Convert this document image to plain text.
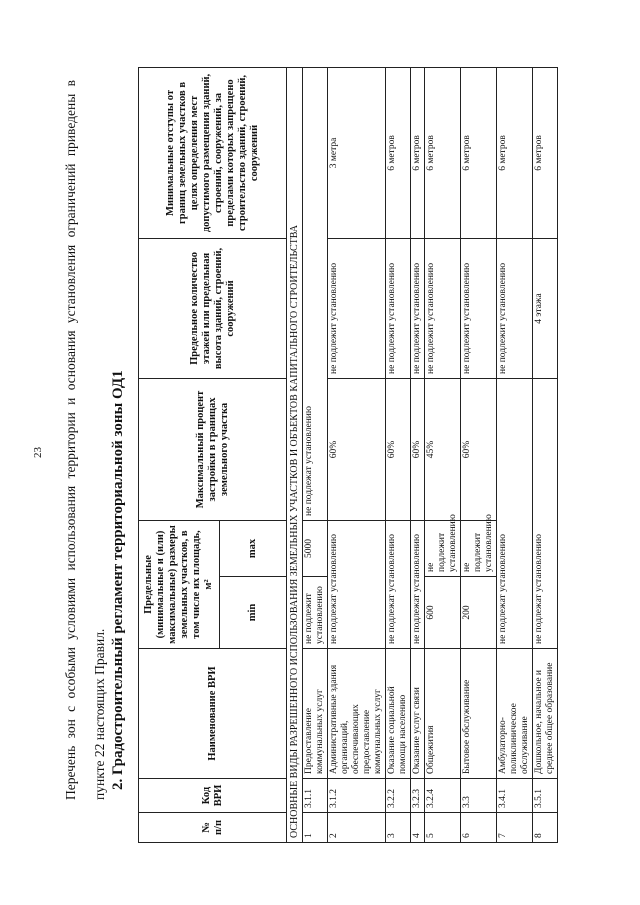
23	Перечень зон с особыми условиями использования территории и основания установления ограничений приведены в	пункте 22 настоящих Правил. 2. Градостроительный регламент территориальной зоны ОД1
№ п/п	Код ВРИ	Наименование ВРИ	Предельные (минимальные и (или) максимальные) размеры земельных участков, в том числе их площадь, м²		Максимальный процент застройки в границах земельного участка	Предельное количество этажей или предельная высота зданий, строений, сооружений	Минимальные отступы от границ земельных участков в целях определения мест допустимого размещения зданий, строений, сооружений, за пределами которых запрещено строительство зданий, строений, сооружений
			min	max			
ОСНОВНЫЕ ВИДЫ РАЗРЕШЕННОГО ИСПОЛЬЗОВАНИЯ ЗЕМЕЛЬНЫХ УЧАСТКОВ И ОБЪЕКТОВ КАПИТАЛЬНОГО СТРОИТЕЛЬСТВА							
1	3.1.1	Предоставление коммунальных услуг	не подлежит установлению	5000	не подлежат установлению		
2	3.1.2	Административные здания организаций, обеспечивающих предоставление коммунальных услуг	не подлежат установлению		60%	не подлежит установлению	3 метра
3	3.2.2	Оказание социальной помощи населению	не подлежат установлению		60%	не подлежит установлению	6 метров
4	3.2.3	Оказание услуг связи	не подлежат установлению		60%	не подлежит установлению	6 метров
5	3.2.4	Общежития	600	не подлежит установлению	45%	не подлежит установлению	6 метров
6	3.3	Бытовое обслуживание	200	не подлежит установлению	60%	не подлежит установлению	6 метров
7	3.4.1	Амбулаторно-поликлиническое обслуживание	не подлежат установлению			не подлежит установлению	6 метров
8	3.5.1	Дошкольное, начальное и среднее общее образование	не подлежат установлению			4 этажа	6 метров
